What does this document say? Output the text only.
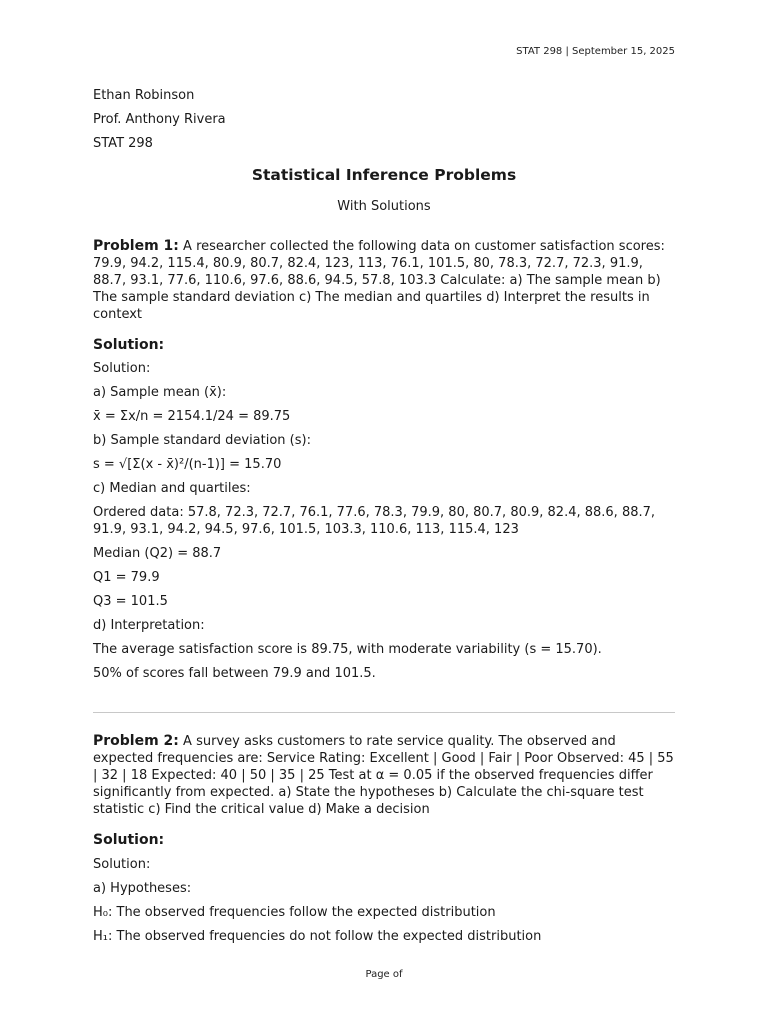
STAT 298 | September 15, 2025
Ethan Robinson
Prof. Anthony Rivera
STAT 298
Statistical Inference Problems
With Solutions
Problem 1: A researcher collected the following data on customer satisfaction scores: 79.9, 94.2, 115.4, 80.9, 80.7, 82.4, 123, 113, 76.1, 101.5, 80, 78.3, 72.7, 72.3, 91.9, 88.7, 93.1, 77.6, 110.6, 97.6, 88.6, 94.5, 57.8, 103.3 Calculate: a) The sample mean b) The sample standard deviation c) The median and quartiles d) Interpret the results in context
Solution:
Solution:
a) Sample mean (x̄):
x̄ = Σx/n = 2154.1/24 = 89.75
b) Sample standard deviation (s):
s = √[Σ(x - x̄)²/(n-1)] = 15.70
c) Median and quartiles:
Ordered data: 57.8, 72.3, 72.7, 76.1, 77.6, 78.3, 79.9, 80, 80.7, 80.9, 82.4, 88.6, 88.7, 91.9, 93.1, 94.2, 94.5, 97.6, 101.5, 103.3, 110.6, 113, 115.4, 123
Median (Q2) = 88.7
Q1 = 79.9
Q3 = 101.5
d) Interpretation:
The average satisfaction score is 89.75, with moderate variability (s = 15.70).
50% of scores fall between 79.9 and 101.5.
Problem 2: A survey asks customers to rate service quality. The observed and expected frequencies are: Service Rating: Excellent | Good | Fair | Poor Observed: 45 | 55 | 32 | 18 Expected: 40 | 50 | 35 | 25 Test at α = 0.05 if the observed frequencies differ significantly from expected. a) State the hypotheses b) Calculate the chi-square test statistic c) Find the critical value d) Make a decision
Solution:
Solution:
a) Hypotheses:
H₀: The observed frequencies follow the expected distribution
H₁: The observed frequencies do not follow the expected distribution
Page of
